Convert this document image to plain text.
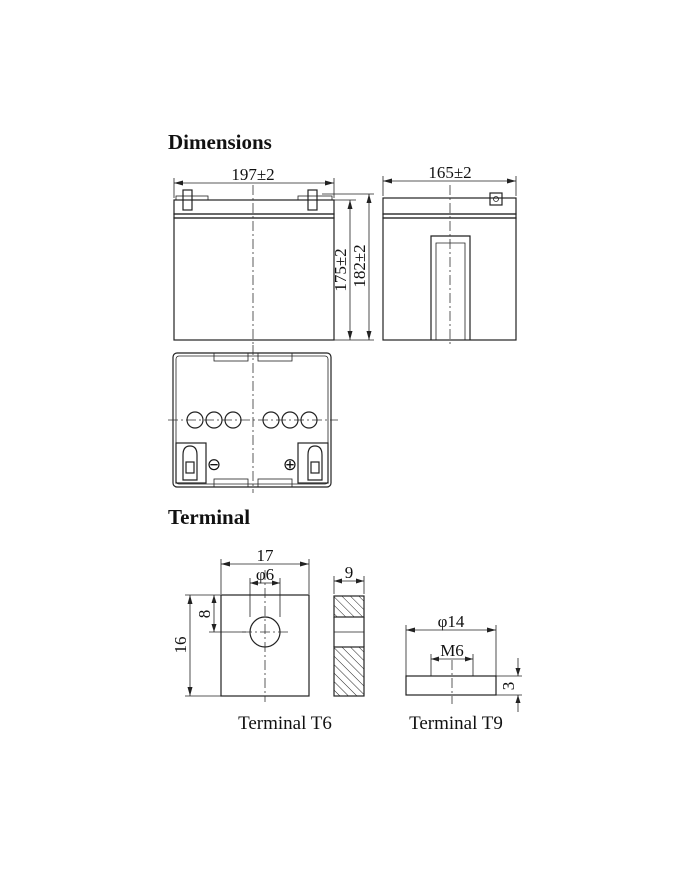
Dimensions
Terminal
197±2
175±2 182±2
165±2
⊖	⊕
17
φ6
16
8
9
Terminal T6
φ14
M6
3
Terminal T9
